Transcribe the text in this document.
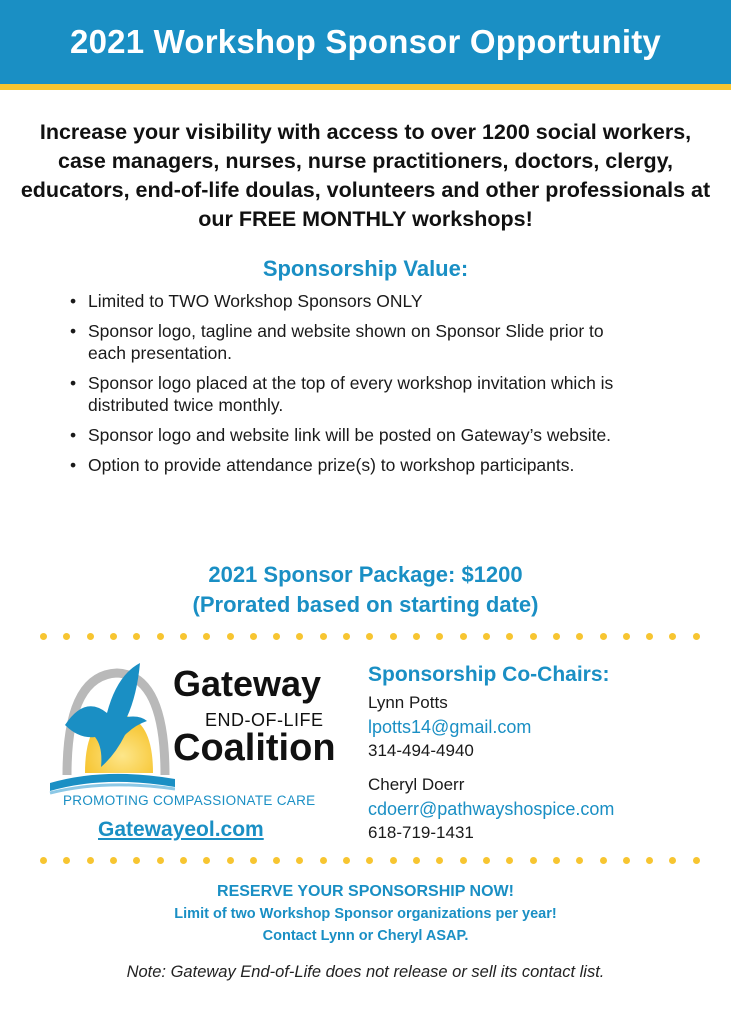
2021 Workshop Sponsor Opportunity
Increase your visibility with access to over 1200 social workers, case managers, nurses, nurse practitioners, doctors, clergy, educators, end-of-life doulas, volunteers and other professionals at our FREE MONTHLY workshops!
Sponsorship Value:
• Limited to TWO Workshop Sponsors ONLY
• Sponsor logo, tagline and website shown on Sponsor Slide prior to each presentation.
• Sponsor logo placed at the top of every workshop invitation which is distributed twice monthly.
• Sponsor logo and website link will be posted on Gateway’s website.
• Option to provide attendance prize(s) to workshop participants.
2021 Sponsor Package: $1200
(Prorated based on starting date)
Gateway
END-OF-LIFE
Coalition
PROMOTING COMPASSIONATE CARE
Gatewayeol.com
Sponsorship Co-Chairs:
Lynn Potts
lpotts14@gmail.com
314-494-4940
Cheryl Doerr
cdoerr@pathwayshospice.com
618-719-1431
RESERVE YOUR SPONSORSHIP NOW!
Limit of two Workshop Sponsor organizations per year!
Contact Lynn or Cheryl ASAP.
Note: Gateway End-of-Life does not release or sell its contact list.
